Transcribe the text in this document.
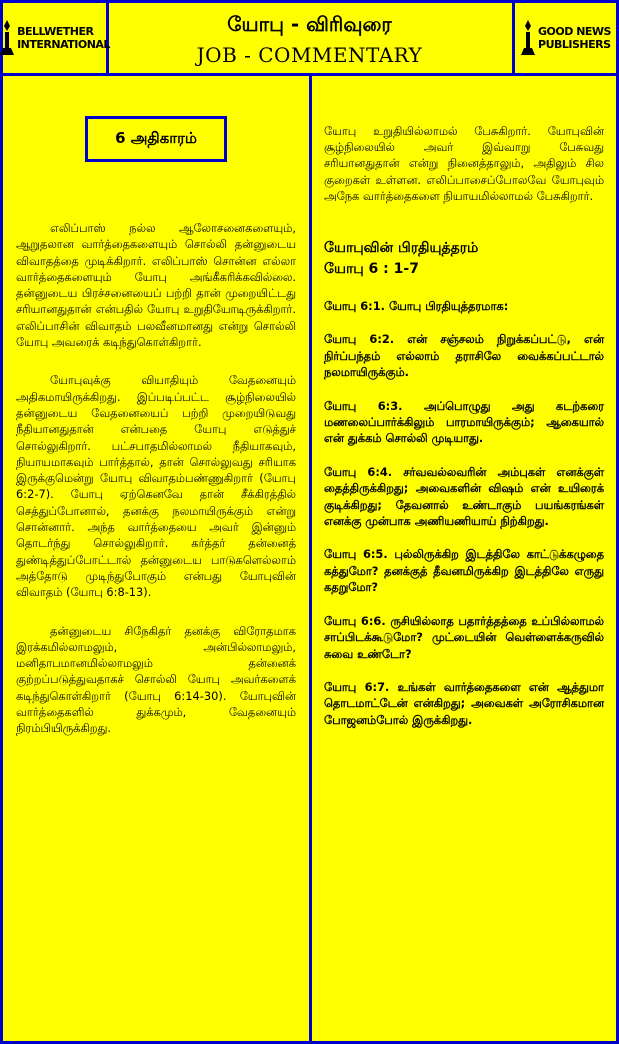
BELLWETHER
INTERNATIONAL
யோபு - விரிவுரை
JOB - COMMENTARY
GOOD NEWS
PUBLISHERS
6 அதிகாரம்

எலிப்பாஸ் நல்ல ஆலோசனைகளையும், ஆறுதலான வார்த்தைகளையும் சொல்லி தன்னுடைய விவாதத்தை முடிக்கிறார். எலிப்பாஸ் சொன்ன எல்லா வார்த்தைகளையும் யோபு அங்கீகரிக்கவில்லை. தன்னுடைய பிரச்சனையைப் பற்றி தான் முறையிட்டது சரியானதுதான் என்பதில் யோபு உறுதியோடிருக்கிறார். எலிப்பாசின் விவாதம் பலவீனமானது என்று சொல்லி யோபு அவரைக் கடிந்துகொள்கிறார்.

யோபுவுக்கு வியாதியும் வேதனையும் அதிகமாயிருக்கிறது. இப்படிப்பட்ட சூழ்நிலையில் தன்னுடைய வேதனையைப் பற்றி முறையிடுவது நீதியானதுதான் என்பதை யோபு எடுத்துச் சொல்லுகிறார். பட்சபாதமில்லாமல் நீதியாகவும், நியாயமாகவும் பார்த்தால், தான் சொல்லுவது சரியாக இருக்குமென்று யோபு விவாதம்பண்ணுகிறார் (யோபு 6:2-7). யோபு ஏற்கெனவே தான் சீக்கிரத்தில் செத்துப்போனால், தனக்கு நலமாயிருக்கும் என்று சொன்னார். அந்த வார்த்தையை அவர் இன்னும் தொடர்ந்து சொல்லுகிறார். கர்த்தர் தன்னைத் துண்டித்துப்போட்டால் தன்னுடைய பாடுகளெல்லாம் அத்தோடு முடிந்துபோகும் என்பது யோபுவின் விவாதம் (யோபு 6:8-13).

தன்னுடைய சிநேகிதர் தனக்கு விரோதமாக இரக்கமில்லாமலும், அன்பில்லாமலும், மனிதாபமானமில்லாமலும் தன்னைக் குற்றப்படுத்துவதாகச் சொல்லி யோபு அவர்களைக் கடிந்துகொள்கிறார் (யோபு 6:14-30). யோபுவின் வார்த்தைகளில் துக்கமும், வேதனையும் நிரம்பியிருக்கிறது.

யோபு உறுதியில்லாமல் பேசுகிறார். யோபுவின் சூழ்நிலையில் அவர் இவ்வாறு பேசுவது சரியானதுதான் என்று நினைத்தாலும், அதிலும் சில குறைகள் உள்ளன. எலிப்பாசைப்போலவே யோபுவும் அநேக வார்த்தைகளை நியாயமில்லாமல் பேசுகிறார்.

யோபுவின் பிரதியுத்தரம்
யோபு 6 : 1-7

யோபு 6:1. யோபு பிரதியுத்தரமாக:

யோபு 6:2. என் சஞ்சலம் நிறுக்கப்பட்டு, என் நிர்ப்பந்தம் எல்லாம் தராசிலே வைக்கப்பட்டால் நலமாயிருக்கும்.

யோபு 6:3. அப்பொழுது அது கடற்கரை மணலைப்பார்க்கிலும் பாரமாயிருக்கும்; ஆகையால் என் துக்கம் சொல்லி முடியாது.

யோபு 6:4. சர்வவல்லவரின் அம்புகள் எனக்குள் தைத்திருக்கிறது; அவைகளின் விஷம் என் உயிரைக் குடிக்கிறது; தேவனால் உண்டாகும் பயங்கரங்கள் எனக்கு முன்பாக அணியணியாய் நிற்கிறது.

யோபு 6:5. புல்லிருக்கிற இடத்திலே காட்டுக்கழுதை கத்துமோ? தனக்குத் தீவனமிருக்கிற இடத்திலே எருது கதறுமோ?

யோபு 6:6. ருசியில்லாத பதார்த்தத்தை உப்பில்லாமல் சாப்பிடக்கூடுமோ? முட்டையின் வெள்ளைக்கருவில் சுவை உண்டோ?

யோபு 6:7. உங்கள் வார்த்தைகளை என் ஆத்துமா தொடமாட்டேன் என்கிறது; அவைகள் அரோசிகமான போஜனம்போல் இருக்கிறது.
